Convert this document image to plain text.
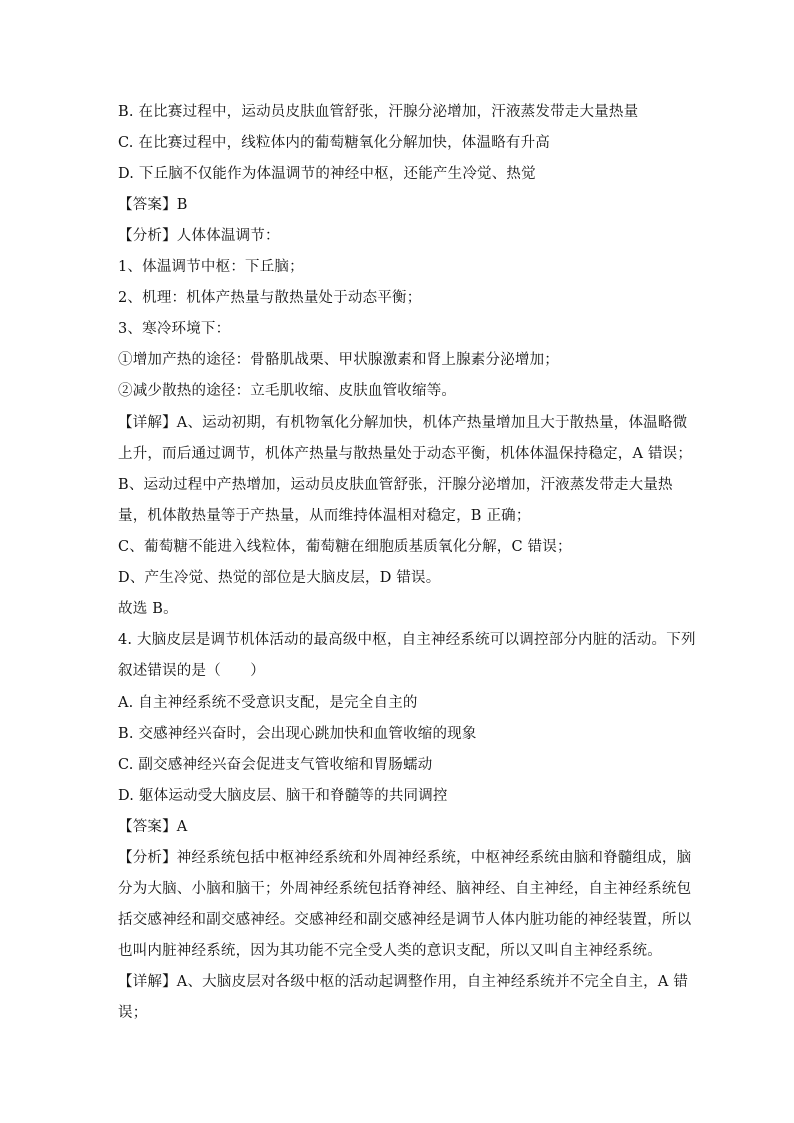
B. 在比赛过程中，运动员皮肤血管舒张，汗腺分泌增加，汗液蒸发带走大量热量
C. 在比赛过程中，线粒体内的葡萄糖氧化分解加快，体温略有升高
D. 下丘脑不仅能作为体温调节的神经中枢，还能产生冷觉、热觉
【答案】B
【分析】人体体温调节：
1、体温调节中枢：下丘脑；
2、机理：机体产热量与散热量处于动态平衡；
3、寒冷环境下：
①增加产热的途径：骨骼肌战栗、甲状腺激素和肾上腺素分泌增加；
②减少散热的途径：立毛肌收缩、皮肤血管收缩等。
【详解】A、运动初期，有机物氧化分解加快，机体产热量增加且大于散热量，体温略微
上升，而后通过调节，机体产热量与散热量处于动态平衡，机体体温保持稳定，A 错误；
B、运动过程中产热增加，运动员皮肤血管舒张，汗腺分泌增加，汗液蒸发带走大量热
量，机体散热量等于产热量，从而维持体温相对稳定，B 正确；
C、葡萄糖不能进入线粒体，葡萄糖在细胞质基质氧化分解，C 错误；
D、产生冷觉、热觉的部位是大脑皮层，D 错误。
故选 B。
4. 大脑皮层是调节机体活动的最高级中枢，自主神经系统可以调控部分内脏的活动。下列
叙述错误的是（　　）
A. 自主神经系统不受意识支配，是完全自主的
B. 交感神经兴奋时，会出现心跳加快和血管收缩的现象
C. 副交感神经兴奋会促进支气管收缩和胃肠蠕动
D. 躯体运动受大脑皮层、脑干和脊髓等的共同调控
【答案】A
【分析】神经系统包括中枢神经系统和外周神经系统，中枢神经系统由脑和脊髓组成，脑
分为大脑、小脑和脑干；外周神经系统包括脊神经、脑神经、自主神经，自主神经系统包
括交感神经和副交感神经。交感神经和副交感神经是调节人体内脏功能的神经装置，所以
也叫内脏神经系统，因为其功能不完全受人类的意识支配，所以又叫自主神经系统。
【详解】A、大脑皮层对各级中枢的活动起调整作用，自主神经系统并不完全自主，A 错
误；
